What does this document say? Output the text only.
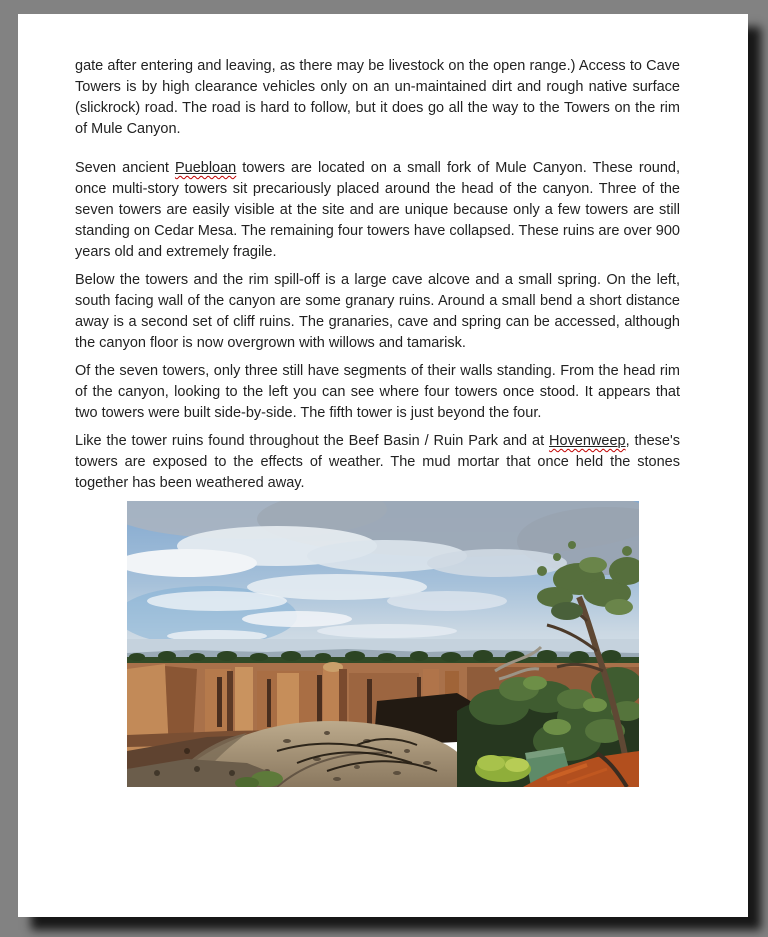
gate after entering and leaving, as there may be livestock on the open range.) Access to Cave Towers is by high clearance vehicles only on an un-maintained dirt and rough native surface (slickrock) road. The road is hard to follow, but it does go all the way to the Towers on the rim of Mule Canyon.

Seven ancient Puebloan towers are located on a small fork of Mule Canyon. These round, once multi-story towers sit precariously placed around the head of the canyon. Three of the seven towers are easily visible at the site and are unique because only a few towers are still standing on Cedar Mesa. The remaining four towers have collapsed. These ruins are over 900 years old and extremely fragile.

Below the towers and the rim spill-off is a large cave alcove and a small spring. On the left, south facing wall of the canyon are some granary ruins. Around a small bend a short distance away is a second set of cliff ruins. The granaries, cave and spring can be accessed, although the canyon floor is now overgrown with willows and tamarisk.

Of the seven towers, only three still have segments of their walls standing. From the head rim of the canyon, looking to the left you can see where four towers once stood. It appears that two towers were built side-by-side. The fifth tower is just beyond the four.

Like the tower ruins found throughout the Beef Basin / Ruin Park and at Hovenweep, these's towers are exposed to the effects of weather. The mud mortar that once held the stones together has been weathered away.
